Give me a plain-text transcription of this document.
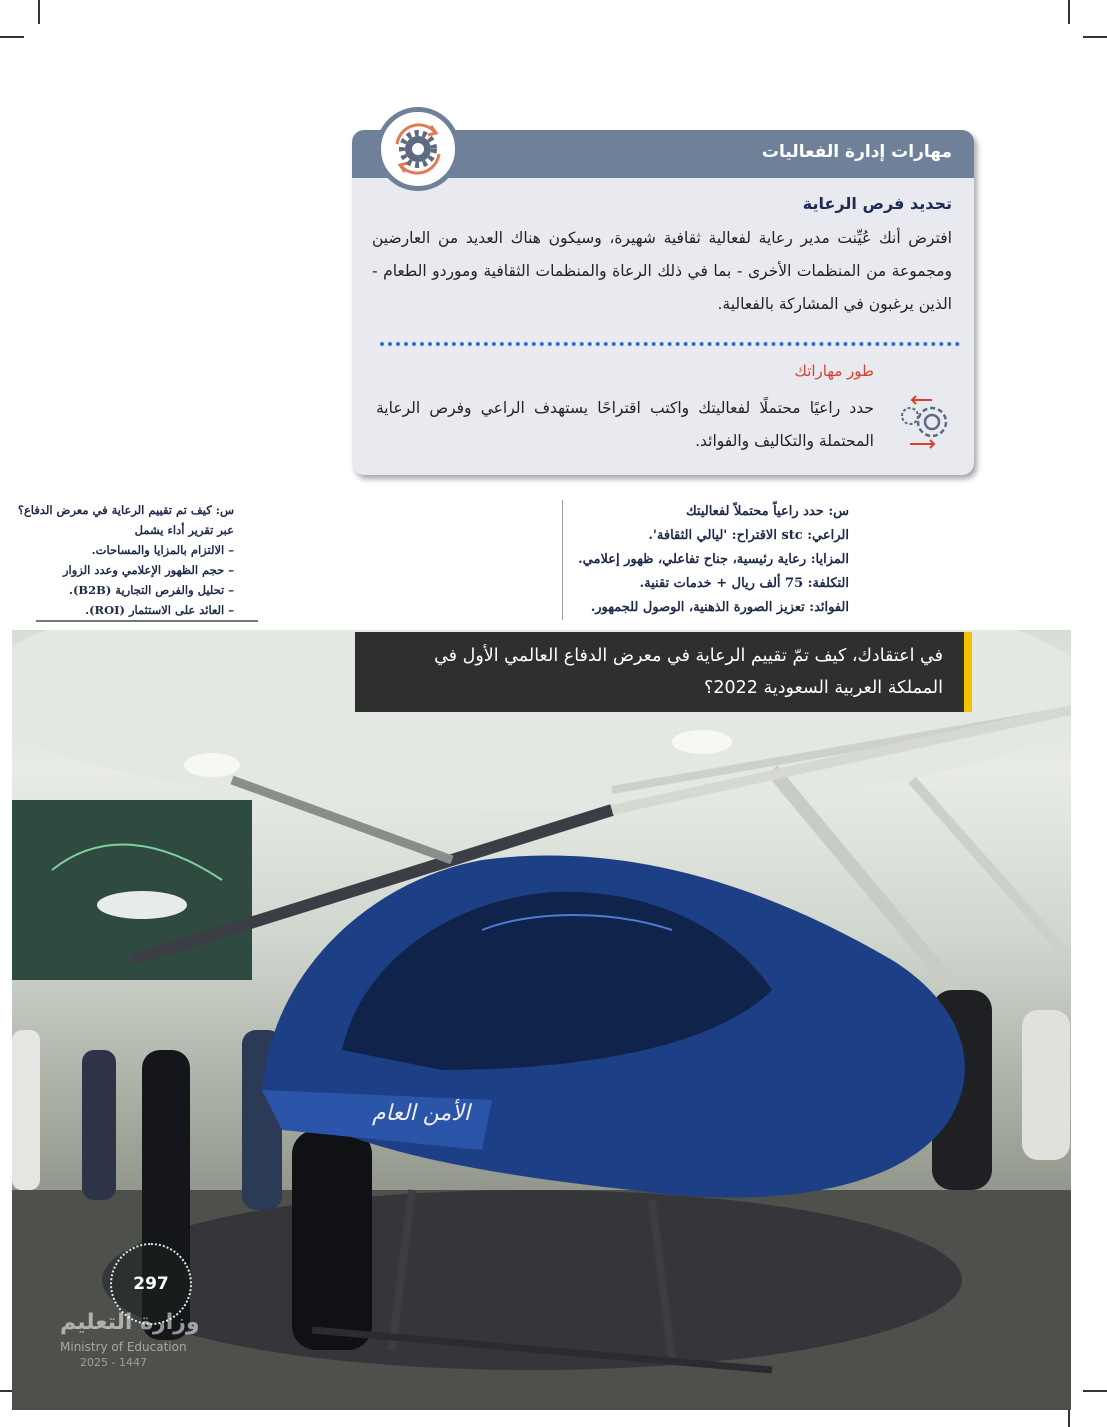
مهارات إدارة الفعاليات
تحديد فرص الرعاية
افترض أنك عُيِّنت مدير رعاية لفعالية ثقافية شهيرة، وسيكون هناك العديد من العارضين ومجموعة من المنظمات الأخرى - بما في ذلك الرعاة والمنظمات الثقافية وموردو الطعام - الذين يرغبون في المشاركة بالفعالية.
طور مهاراتك
حدد راعيًا محتملًا لفعاليتك واكتب اقتراحًا يستهدف الراعي وفرص الرعاية المحتملة والتكاليف والفوائد.
س: حدد راعياً محتملاً لفعاليتك
الراعي: stc الاقتراح: 'ليالي الثقافة'.
المزايا: رعاية رئيسية، جناح تفاعلي، ظهور إعلامي.
التكلفة: 75 ألف ريال + خدمات تقنية.
الفوائد: تعزيز الصورة الذهنية، الوصول للجمهور.
س: كيف تم تقييم الرعاية في معرض الدفاع؟
عبر تقرير أداء يشمل
– الالتزام بالمزايا والمساحات.
– حجم الظهور الإعلامي وعدد الزوار
– تحليل والفرص التجارية (B2B).
– العائد على الاستثمار (ROI).
الأمن العام
في اعتقادك، كيف تمّ تقييم الرعاية في معرض الدفاع العالمي الأول في المملكة العربية السعودية 2022؟
297
وزارة التعليم
Ministry of Education
2025 - 1447
